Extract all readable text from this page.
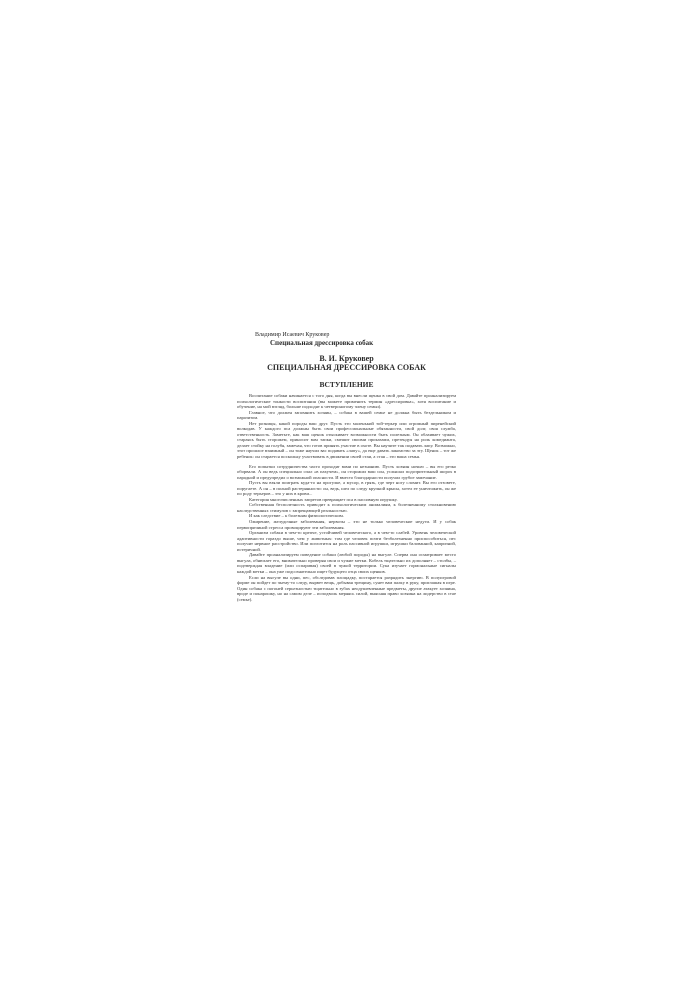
Владимир Исаевич Круковер
Специальная дрессировка собак
В. И. Круковер
СПЕЦИАЛЬНАЯ ДРЕССИРОВКА СОБАК
ВСТУПЛЕНИЕ

Воспитание собаки начинается с того дня, когда вы внесли щенка в свой дом. Давайте проанализируем психологические тонкости воспитания (вы можете применить термин «дрессировка», хотя воспитание и обучение, на мой взгляд, больше подходят к четвероногому члену семьи).

Главное, что должен запомнить хозяин, – собака в вашей семье не должна быть бездельником и паразитом.

Нет розницы, какой породы ваш друг. Пусть это маленький той-терьер или огромный пиренейский волкодав. У каждого пса должны быть свои профессиональные обязанности, свой долг, своя служба, ответственность. Заметьте, как ваш щенок отыскивает возможности быть полезным. Он облаивает чужих, стараясь быть сторожем, приносит вам тапки, смешит своими проказами, претендуя на роль комедианта, делает стойку на голубя, замечая, что готов принять участие в охоте. Вы научите так подавать лапу. Возможно, этот прошлое взаимный – он тоже научил вас подавать «лапу», да еще давать лакомство за эту. Щенок – тот же ребенок: он старается поскольку участвовать в движении своей стаи, а стая – это ваша семья.

Его попытки сотрудничества часто проходят вами по незнанию. Пусть хозяин ночью – вы его резко оборвали. А он ведь специально спал «в пахучем», он сторожил ваш сон, услышал подозрительный шорох в парадной и предупредил о возможной опасности. И вместо благодарности получил грубое замечание.

Пусть вы взяли поиграть куда-то на прогулке, а мусор, в грязь, где черт ногу сломит. Вы его отзовете, поругаете. А он – в полной растерянности: он, ведь, шел по следу крупной крысы, хотел ее уничтожить, он же по роду терьеров – это у них в крови...

Категория многочисленных запретов превращает пса в пассивную игрушку.

Собственная бесполезность приводит к психологическим аномалиям, к болезненному столкновению наследственных стимулов с запрещающей реальностью.

И как следствие – к болезням физиологическим.

Ожирение, желудочные заболевания, нервозы – это не только человеческие недуги. И у собак первопричиной стресса провоцируют эти заболевания.

Организм собаки в чем-то крепче, устойчивей человеческого, а в чем-то слабей. Уровень человеческой адаптивности гораздо выше, чем у животных: там где человек почти безболезненно приспособиться, пес получит нервное расстройство. Или поглотится на роль пассивной игрушки, игрушки балованной, капризной, истеричной.

Давайте проанализируем поведение собаки (любой породы) на выгуле. Сперва она осматривает место выгула, обнюхает его, внимательно проверяя свои и чужие метки. Кобель тщательно их дополняет – столбы, – подтверждая владение (или оспаривая) своей в чужой территории. Сука изучает гормональные сигналы каждой метки – она уже подсознательно ищет будущего отца своих щенков.

Если на выгуле вы одни, пес, обследовав площадку, постарается разрядить энергию. В полуигровой форме он пойдет по чьему-то следу, вырвет вещь, добывая трещину, сунет вам палку в руку, приглашая в игре. Один собака с погоней серьезностью тщательно в зубах неодушевленные предметы, другие атакует хозяина, вроде и понарошку, но на самом деле – исподволь меряясь силой, выясняя право хозяина на лидерство в стае (семье).
